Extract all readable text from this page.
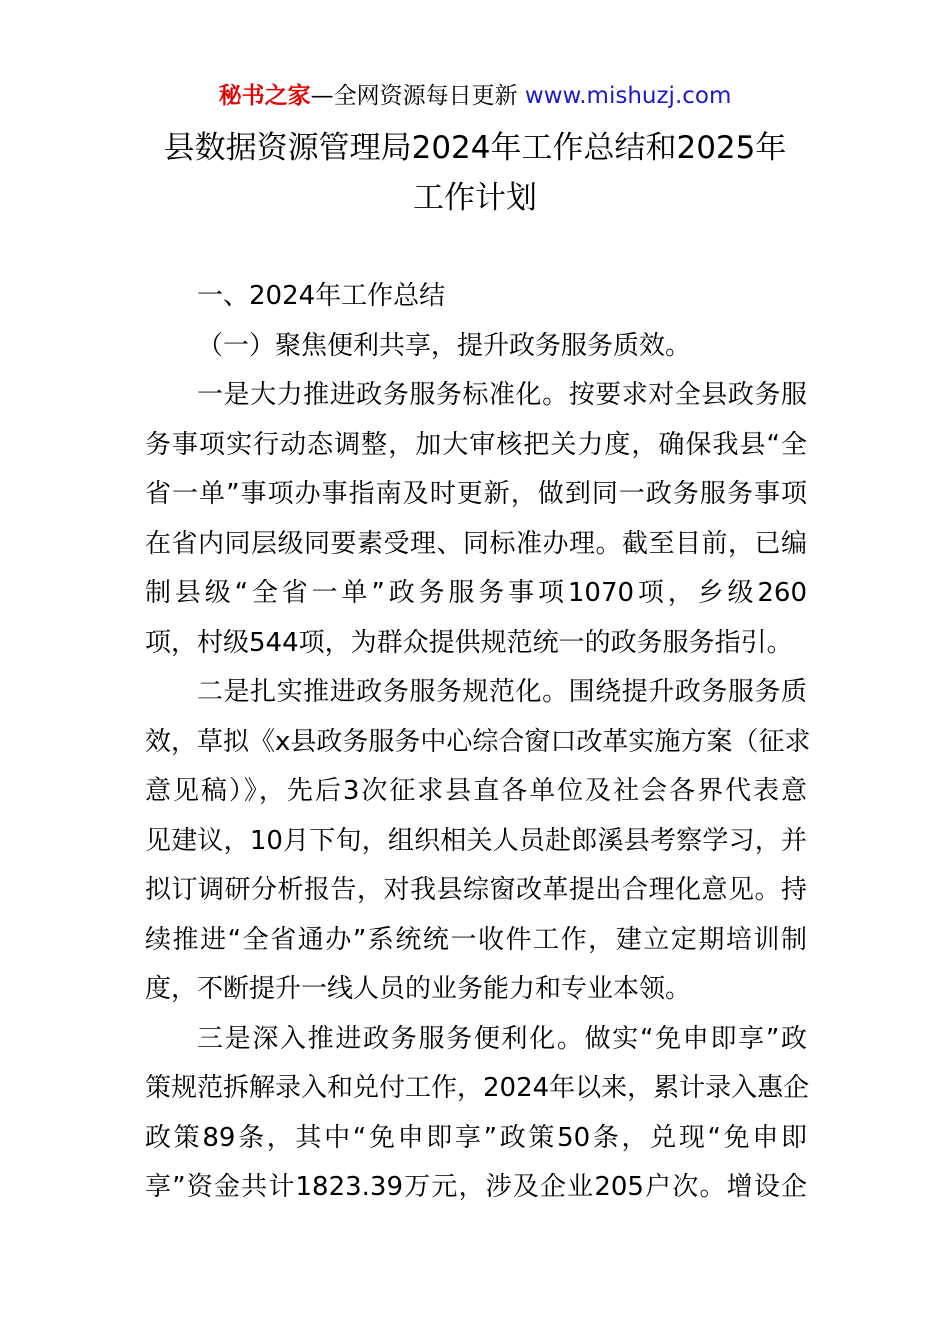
秘书之家—全网资源每日更新 www.mishuzj.com
县数据资源管理局2024年工作总结和2025年
工作计划

一、2024年工作总结

（一）聚焦便利共享，提升政务服务质效。

一是大力推进政务服务标准化。按要求对全县政务服
务事项实行动态调整，加大审核把关力度，确保我县“全
省一单”事项办事指南及时更新，做到同一政务服务事项
在省内同层级同要素受理、同标准办理。截至目前，已编
制县级“全省一单”政务服务事项1070项，乡级260
项，村级544项，为群众提供规范统一的政务服务指引。
二是扎实推进政务服务规范化。围绕提升政务服务质
效，草拟《x县政务服务中心综合窗口改革实施方案（征求
意见稿）》，先后3次征求县直各单位及社会各界代表意
见建议，10月下旬，组织相关人员赴郎溪县考察学习，并
拟订调研分析报告，对我县综窗改革提出合理化意见。持
续推进“全省通办”系统统一收件工作，建立定期培训制
度，不断提升一线人员的业务能力和专业本领。
三是深入推进政务服务便利化。做实“免申即享”政
策规范拆解录入和兑付工作，2024年以来，累计录入惠企
政策89条，其中“免申即享”政策50条，兑现“免申即
享”资金共计1823.39万元，涉及企业205户次。增设企
